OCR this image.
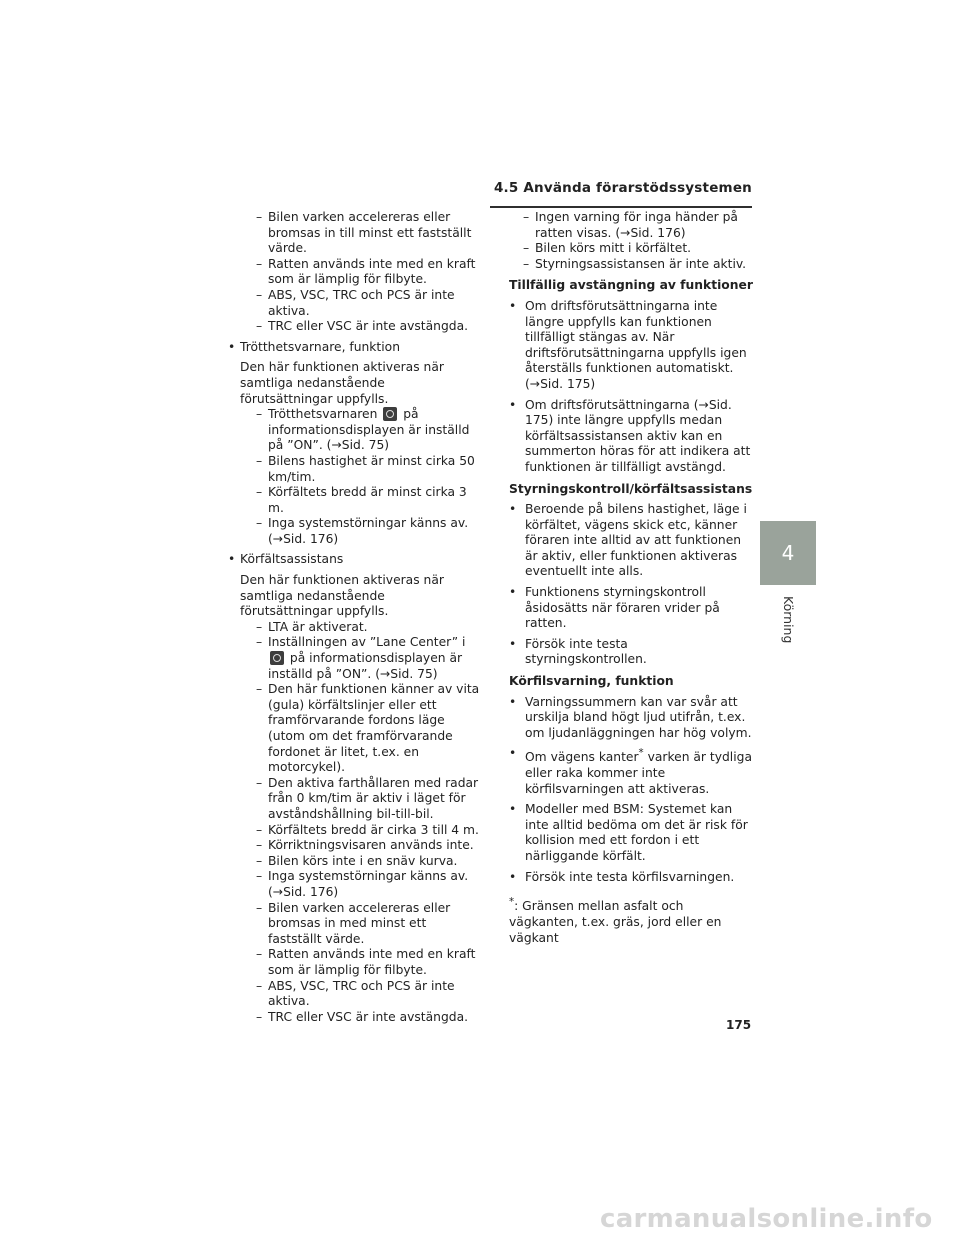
4.5 Använda förarstödssystemen
– Bilen varken accelereras eller bromsas in till minst ett fastställt värde.
– Ratten används inte med en kraft som är lämplig för filbyte.
– ABS, VSC, TRC och PCS är inte aktiva.
– TRC eller VSC är inte avstängda.
• Trötthetsvarnare, funktion
Den här funktionen aktiveras när samtliga nedanstående förutsättningar uppfylls.
– Trötthetsvarnaren på informationsdisplayen är inställd på ”ON”. (→Sid. 75)
– Bilens hastighet är minst cirka 50 km/tim.
– Körfältets bredd är minst cirka 3 m.
– Inga systemstörningar känns av. (→Sid. 176)
• Körfältsassistans
Den här funktionen aktiveras när samtliga nedanstående förutsättningar uppfylls.
– LTA är aktiverat.
– Inställningen av ”Lane Center” i  på informationsdisplayen är inställd på ”ON”. (→Sid. 75)
– Den här funktionen känner av vita (gula) körfältslinjer eller ett framförvarande fordons läge (utom om det framförvarande fordonet är litet, t.ex. en motorcykel).
– Den aktiva farthållaren med radar från 0 km/tim är aktiv i läget för avståndshållning bil-till-bil.
– Körfältets bredd är cirka 3 till 4 m.
– Körriktningsvisaren används inte.
– Bilen körs inte i en snäv kurva.
– Inga systemstörningar känns av. (→Sid. 176)
– Bilen varken accelereras eller bromsas in med minst ett fastställt värde.
– Ratten används inte med en kraft som är lämplig för filbyte.
– ABS, VSC, TRC och PCS är inte aktiva.
– TRC eller VSC är inte avstängda.
– Ingen varning för inga händer på ratten visas. (→Sid. 176)
– Bilen körs mitt i körfältet.
– Styrningsassistansen är inte aktiv.
Tillfällig avstängning av funktioner
• Om driftsförutsättningarna inte längre uppfylls kan funktionen tillfälligt stängas av. När driftsförutsättningarna uppfylls igen återställs funktionen automatiskt. (→Sid. 175)
• Om driftsförutsättningarna (→Sid. 175) inte längre uppfylls medan körfältsassistansen aktiv kan en summerton höras för att indikera att funktionen är tillfälligt avstängd.
Styrningskontroll/körfältsassistans
• Beroende på bilens hastighet, läge i körfältet, vägens skick etc, känner föraren inte alltid av att funktionen är aktiv, eller funktionen aktiveras eventuellt inte alls.
• Funktionens styrningskontroll åsidosätts när föraren vrider på ratten.
• Försök inte testa styrningskontrollen.
Körfilsvarning, funktion
• Varningssummern kan var svår att urskilja bland högt ljud utifrån, t.ex. om ljudanläggningen har hög volym.
• Om vägens kanter* varken är tydliga eller raka kommer inte körfilsvarningen att aktiveras.
• Modeller med BSM: Systemet kan inte alltid bedöma om det är risk för kollision med ett fordon i ett närliggande körfält.
• Försök inte testa körfilsvarningen.
*: Gränsen mellan asfalt och vägkanten, t.ex. gräs, jord eller en vägkant
4
Körning
175
carmanualsonline.info
